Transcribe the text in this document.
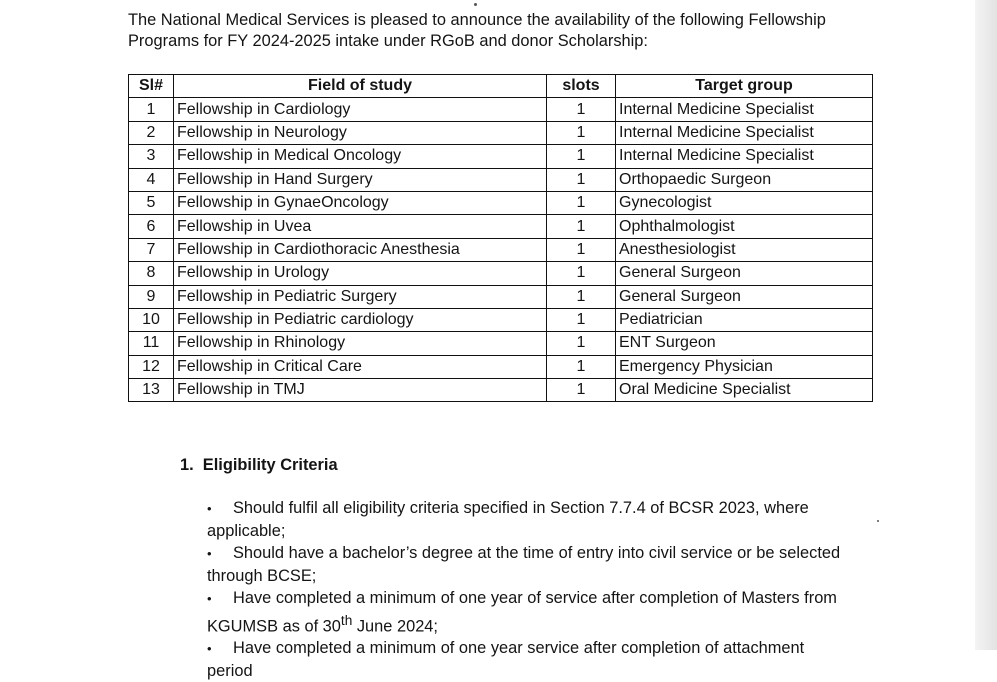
The National Medical Services is pleased to announce the availability of the following Fellowship Programs for FY 2024-2025 intake under RGoB and donor Scholarship:

Sl#	Field of study	slots	Target group
1	Fellowship in Cardiology	1	Internal Medicine Specialist
2	Fellowship in Neurology	1	Internal Medicine Specialist
3	Fellowship in Medical Oncology	1	Internal Medicine Specialist
4	Fellowship in Hand Surgery	1	Orthopaedic Surgeon
5	Fellowship in GynaeOncology	1	Gynecologist
6	Fellowship in Uvea	1	Ophthalmologist
7	Fellowship in Cardiothoracic Anesthesia	1	Anesthesiologist
8	Fellowship in Urology	1	General Surgeon
9	Fellowship in Pediatric Surgery	1	General Surgeon
10	Fellowship in Pediatric cardiology	1	Pediatrician
11	Fellowship in Rhinology	1	ENT Surgeon
12	Fellowship in Critical Care	1	Emergency Physician
13	Fellowship in TMJ	1	Oral Medicine Specialist
1. Eligibility Criteria
• Should fulfil all eligibility criteria specified in Section 7.7.4 of BCSR 2023, where applicable;
• Should have a bachelor’s degree at the time of entry into civil service or be selected through BCSE;
• Have completed a minimum of one year of service after completion of Masters from KGUMSB as of 30th June 2024;
• Have completed a minimum of one year service after completion of attachment period
